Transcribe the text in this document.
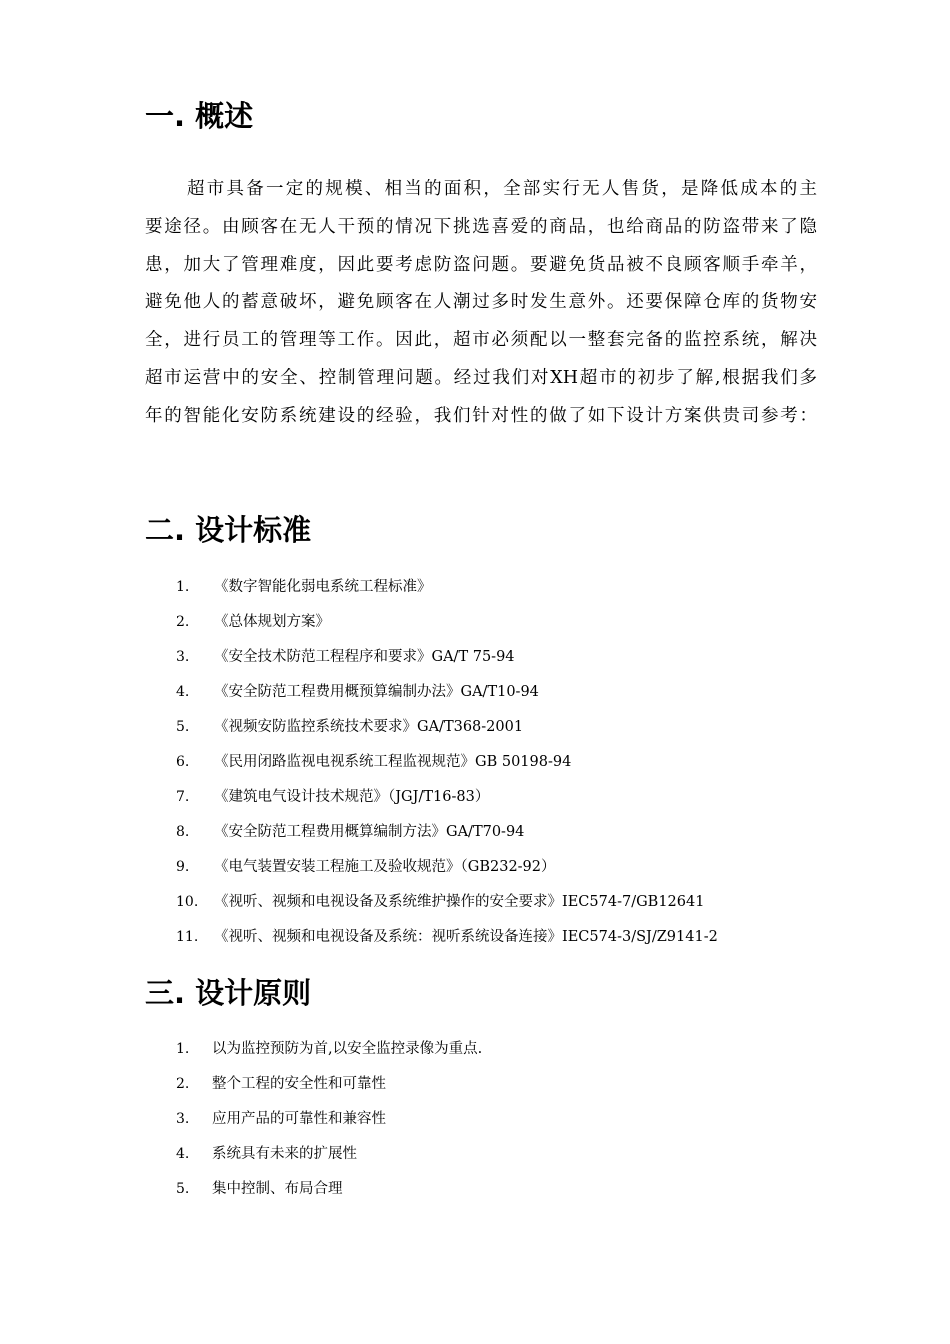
一. 概述
超市具备一定的规模、相当的面积，全部实行无人售货，是降低成本的主
要途径。由顾客在无人干预的情况下挑选喜爱的商品，也给商品的防盗带来了隐
患，加大了管理难度，因此要考虑防盗问题。要避免货品被不良顾客顺手牵羊，
避免他人的蓄意破坏，避免顾客在人潮过多时发生意外。还要保障仓库的货物安
全，进行员工的管理等工作。因此，超市必须配以一整套完备的监控系统，解决
超市运营中的安全、控制管理问题。经过我们对XH超市的初步了解,根据我们多
年的智能化安防系统建设的经验，我们针对性的做了如下设计方案供贵司参考：
二. 设计标准
1. 《数字智能化弱电系统工程标准》
2. 《总体规划方案》
3. 《安全技术防范工程程序和要求》GA/T 75-94
4. 《安全防范工程费用概预算编制办法》GA/T10-94
5. 《视频安防监控系统技术要求》GA/T368-2001
6. 《民用闭路监视电视系统工程监视规范》GB 50198-94
7. 《建筑电气设计技术规范》（JGJ/T16-83）
8. 《安全防范工程费用概算编制方法》GA/T70-94
9. 《电气装置安装工程施工及验收规范》（GB232-92）
10. 《视听、视频和电视设备及系统维护操作的安全要求》IEC574-7/GB12641
11. 《视听、视频和电视设备及系统：视听系统设备连接》IEC574-3/SJ/Z9141-2
三. 设计原则
1. 以为监控预防为首,以安全监控录像为重点.
2. 整个工程的安全性和可靠性
3. 应用产品的可靠性和兼容性
4. 系统具有未来的扩展性
5. 集中控制、布局合理
